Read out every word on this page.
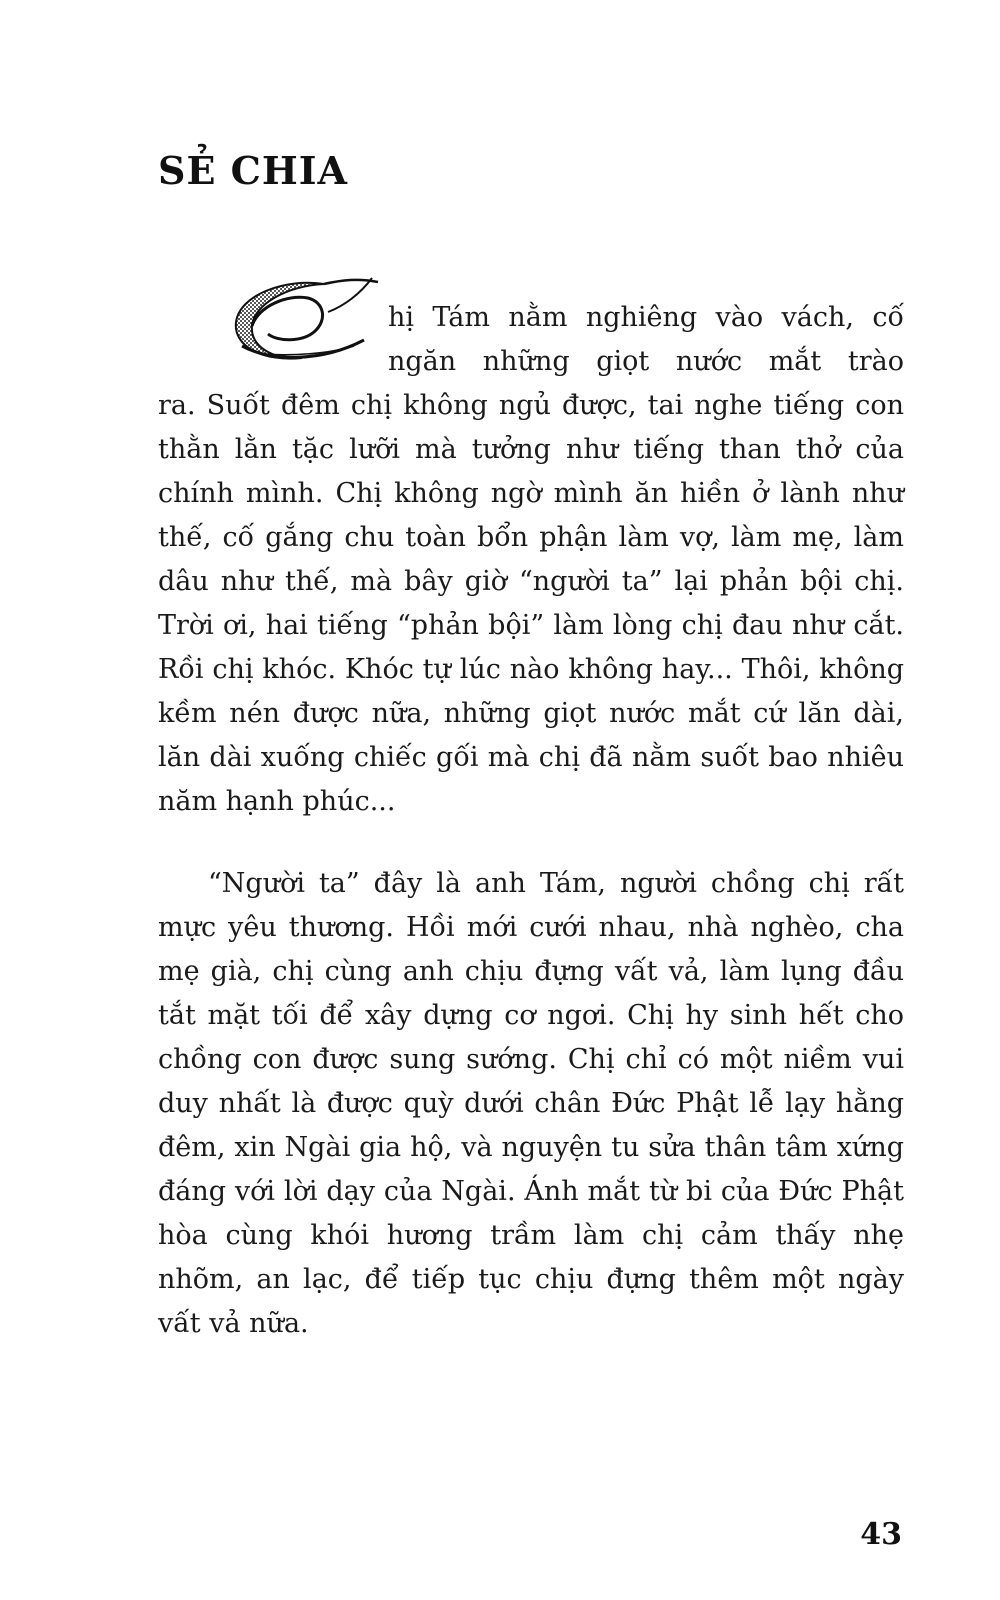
SẺ CHIA

hị Tám nằm nghiêng vào vách, cố
ngăn những giọt nước mắt trào

ra. Suốt đêm chị không ngủ được, tai nghe tiếng con thằn lằn tặc lưỡi mà tưởng như tiếng than thở của chính mình. Chị không ngờ mình ăn hiền ở lành như thế, cố gắng chu toàn bổn phận làm vợ, làm mẹ, làm dâu như thế, mà bây giờ “người ta” lại phản bội chị. Trời ơi, hai tiếng “phản bội” làm lòng chị đau như cắt. Rồi chị khóc. Khóc tự lúc nào không hay... Thôi, không kềm nén được nữa, những giọt nước mắt cứ lăn dài, lăn dài xuống chiếc gối mà chị đã nằm suốt bao nhiêu năm hạnh phúc...

“Người ta” đây là anh Tám, người chồng chị rất mực yêu thương. Hồi mới cưới nhau, nhà nghèo, cha mẹ già, chị cùng anh chịu đựng vất vả, làm lụng đầu tắt mặt tối để xây dựng cơ ngơi. Chị hy sinh hết cho chồng con được sung sướng. Chị chỉ có một niềm vui duy nhất là được quỳ dưới chân Đức Phật lễ lạy hằng đêm, xin Ngài gia hộ, và nguyện tu sửa thân tâm xứng đáng với lời dạy của Ngài. Ánh mắt từ bi của Đức Phật hòa cùng khói hương trầm làm chị cảm thấy nhẹ nhõm, an lạc, để tiếp tục chịu đựng thêm một ngày vất vả nữa.

43
